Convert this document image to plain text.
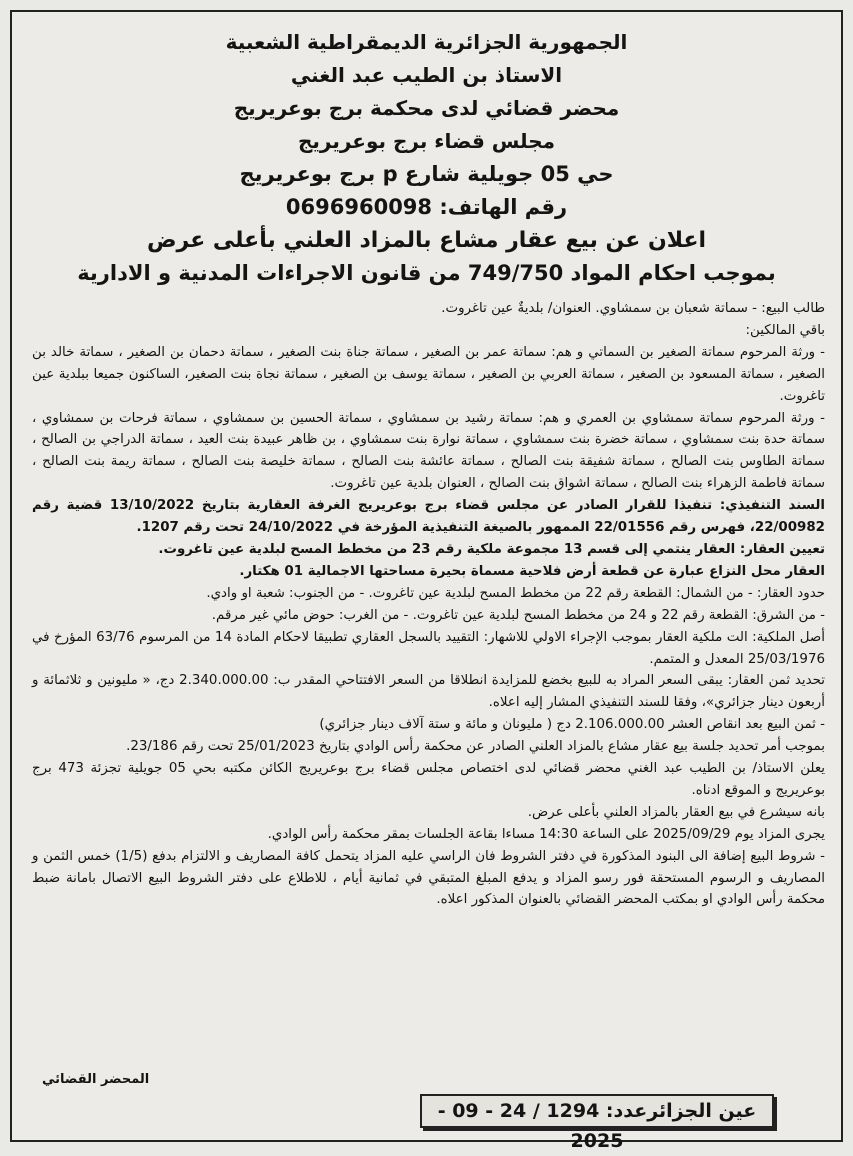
الجمهورية الجزائرية الديمقراطية الشعبية
الاستاذ بن الطيب عبد الغني
محضر قضائي لدى محكمة برج بوعريريج
مجلس قضاء برج بوعريريج
حي 05 جويلية شارع p برج بوعريريج
رقم الهاتف: 0696960098
اعلان عن بيع عقار مشاع بالمزاد العلني بأعلى عرض
بموجب احكام المواد 749/750 من قانون الاجراءات المدنية و الادارية

طالب البيع: - سماتة شعبان بن سمشاوي. العنوان/ بلديةٌ عين تاغروت.

باقي المالكين:

- ورثة المرحوم سماتة الصغير بن السماتي و هم: سماتة عمر بن الصغير ، سماتة جناة بنت الصغير ، سماتة دحمان بن الصغير ، سماتة خالد بن الصغير ، سماتة المسعود بن الصغير ، سماتة العربي بن الصغير ، سماتة يوسف بن الصغير ، سماتة نجاة بنت الصغير، الساكنون جميعا ببلدية عين تاغروت.

- ورثة المرحوم سماتة سمشاوي بن العمري و هم: سماتة رشيد بن سمشاوي ، سماتة الحسين بن سمشاوي ، سماتة فرحات بن سمشاوي ، سماتة حدة بنت سمشاوي ، سماتة خضرة بنت سمشاوي ، سماتة نوارة بنت سمشاوي ، بن ظاهر عبيدة بنت العيد ، سماتة الدراجي بن الصالح ، سماتة الطاوس بنت الصالح ، سماتة شفيقة بنت الصالح ، سماتة عائشة بنت الصالح ، سماتة خليصة بنت الصالح ، سماتة ريمة بنت الصالح ، سماتة فاطمة الزهراء بنت الصالح ، سماتة اشواق بنت الصالح ، العنوان بلدية عين تاغروت.

السند التنفيذي: تنفيذا للقرار الصادر عن مجلس قضاء برج بوعريريج الغرفة العقارية بتاريخ 13/10/2022 قضية رقم 22/00982، فهرس رقم 22/01556 الممهور بالصيغة التنفيذية المؤرخة في 24/10/2022 تحت رقم 1207.

تعيين العقار: العقار ينتمي إلى قسم 13 مجموعة ملكية رقم 23 من مخطط المسح لبلدية عين تاغروت.

العقار محل النزاع عبارة عن قطعة أرض فلاحية مسماة بحيرة مساحتها الاجمالية 01 هكتار.

حدود العقار: - من الشمال: القطعة رقم 22 من مخطط المسح لبلدية عين تاغروت. - من الجنوب: شعبة او وادي.

- من الشرق: القطعة رقم 22 و 24 من مخطط المسح لبلدية عين تاغروت. - من الغرب: حوض مائي غير مرقم.

أصل الملكية: الت ملكية العقار بموجب الإجراء الاولي للاشهار: التقييد بالسجل العقاري تطبيقا لاحكام المادة 14 من المرسوم 63/76 المؤرخ في 25/03/1976 المعدل و المتمم.

تحديد ثمن العقار: يبقى السعر المراد به للبيع بخضع للمزايدة انطلاقا من السعر الافتتاحي المقدر ب: 2.340.000.00 دج، « مليونين و ثلاثمائة و أربعون دينار جزائري»، وفقا للسند التنفيذي المشار إليه اعلاه.

- ثمن البيع بعد انقاص العشر 2.106.000.00 دج ( مليونان و مائة و ستة آلاف دينار جزائري)

بموجب أمر تحديد جلسة بيع عقار مشاع بالمزاد العلني الصادر عن محكمة رأس الوادي بتاريخ 25/01/2023 تحت رقم 23/186.

يعلن الاستاذ/ بن الطيب عبد الغني محضر قضائي لدى اختصاص مجلس قضاء برج بوعريريج الكائن مكتبه بحي 05 جويلية تجزئة 473 برج بوعريريج و الموقع ادناه.

بانه سيشرع في بيع العقار بالمزاد العلني بأعلى عرض.

يجرى المزاد يوم 2025/09/29 على الساعة 14:30 مساءا بقاعة الجلسات بمقر محكمة رأس الوادي.

- شروط البيع إضافة الى البنود المذكورة في دفتر الشروط فان الراسي عليه المزاد يتحمل كافة المصاريف و الالتزام بدفع (1/5) خمس الثمن و المصاريف و الرسوم المستحقة فور رسو المزاد و يدفع المبلغ المتبقي في ثمانية أيام ، للاطلاع على دفتر الشروط البيع الاتصال بامانة ضبط محكمة رأس الوادي او بمكتب المحضر القضائي بالعنوان المذكور اعلاه.

المحضر القضائي
عين الجزائرعدد: 1294 / 24 - 09 - 2025
